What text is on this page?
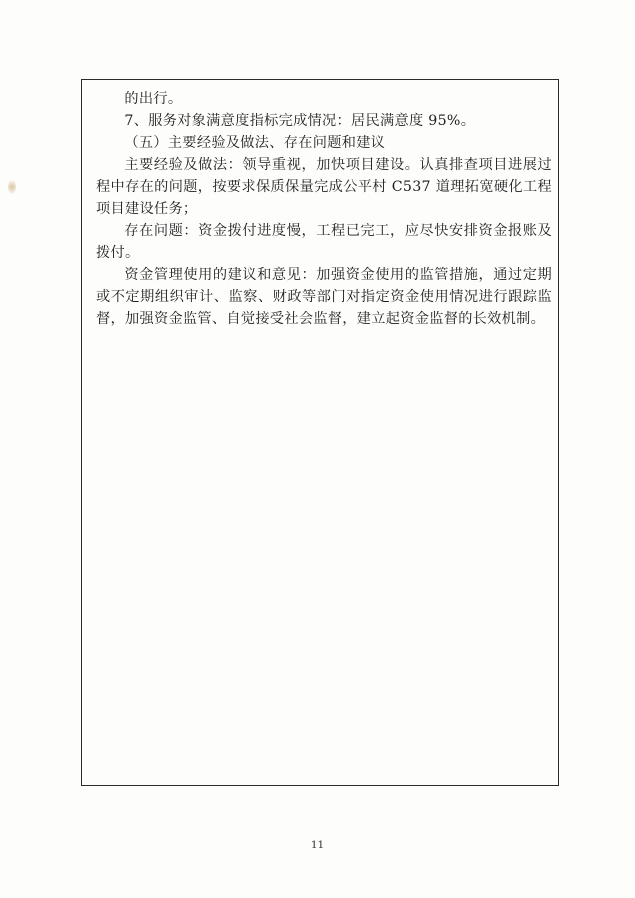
的出行。

7、服务对象满意度指标完成情况：居民满意度 95%。

（五）主要经验及做法、存在问题和建议

主要经验及做法：领导重视，加快项目建设。认真排查项目进展过程中存在的问题，按要求保质保量完成公平村 C537 道理拓宽硬化工程项目建设任务；

存在问题：资金拨付进度慢，工程已完工，应尽快安排资金报账及拨付。

资金管理使用的建议和意见：加强资金使用的监管措施，通过定期或不定期组织审计、监察、财政等部门对指定资金使用情况进行跟踪监督，加强资金监管、自觉接受社会监督，建立起资金监督的长效机制。

11
